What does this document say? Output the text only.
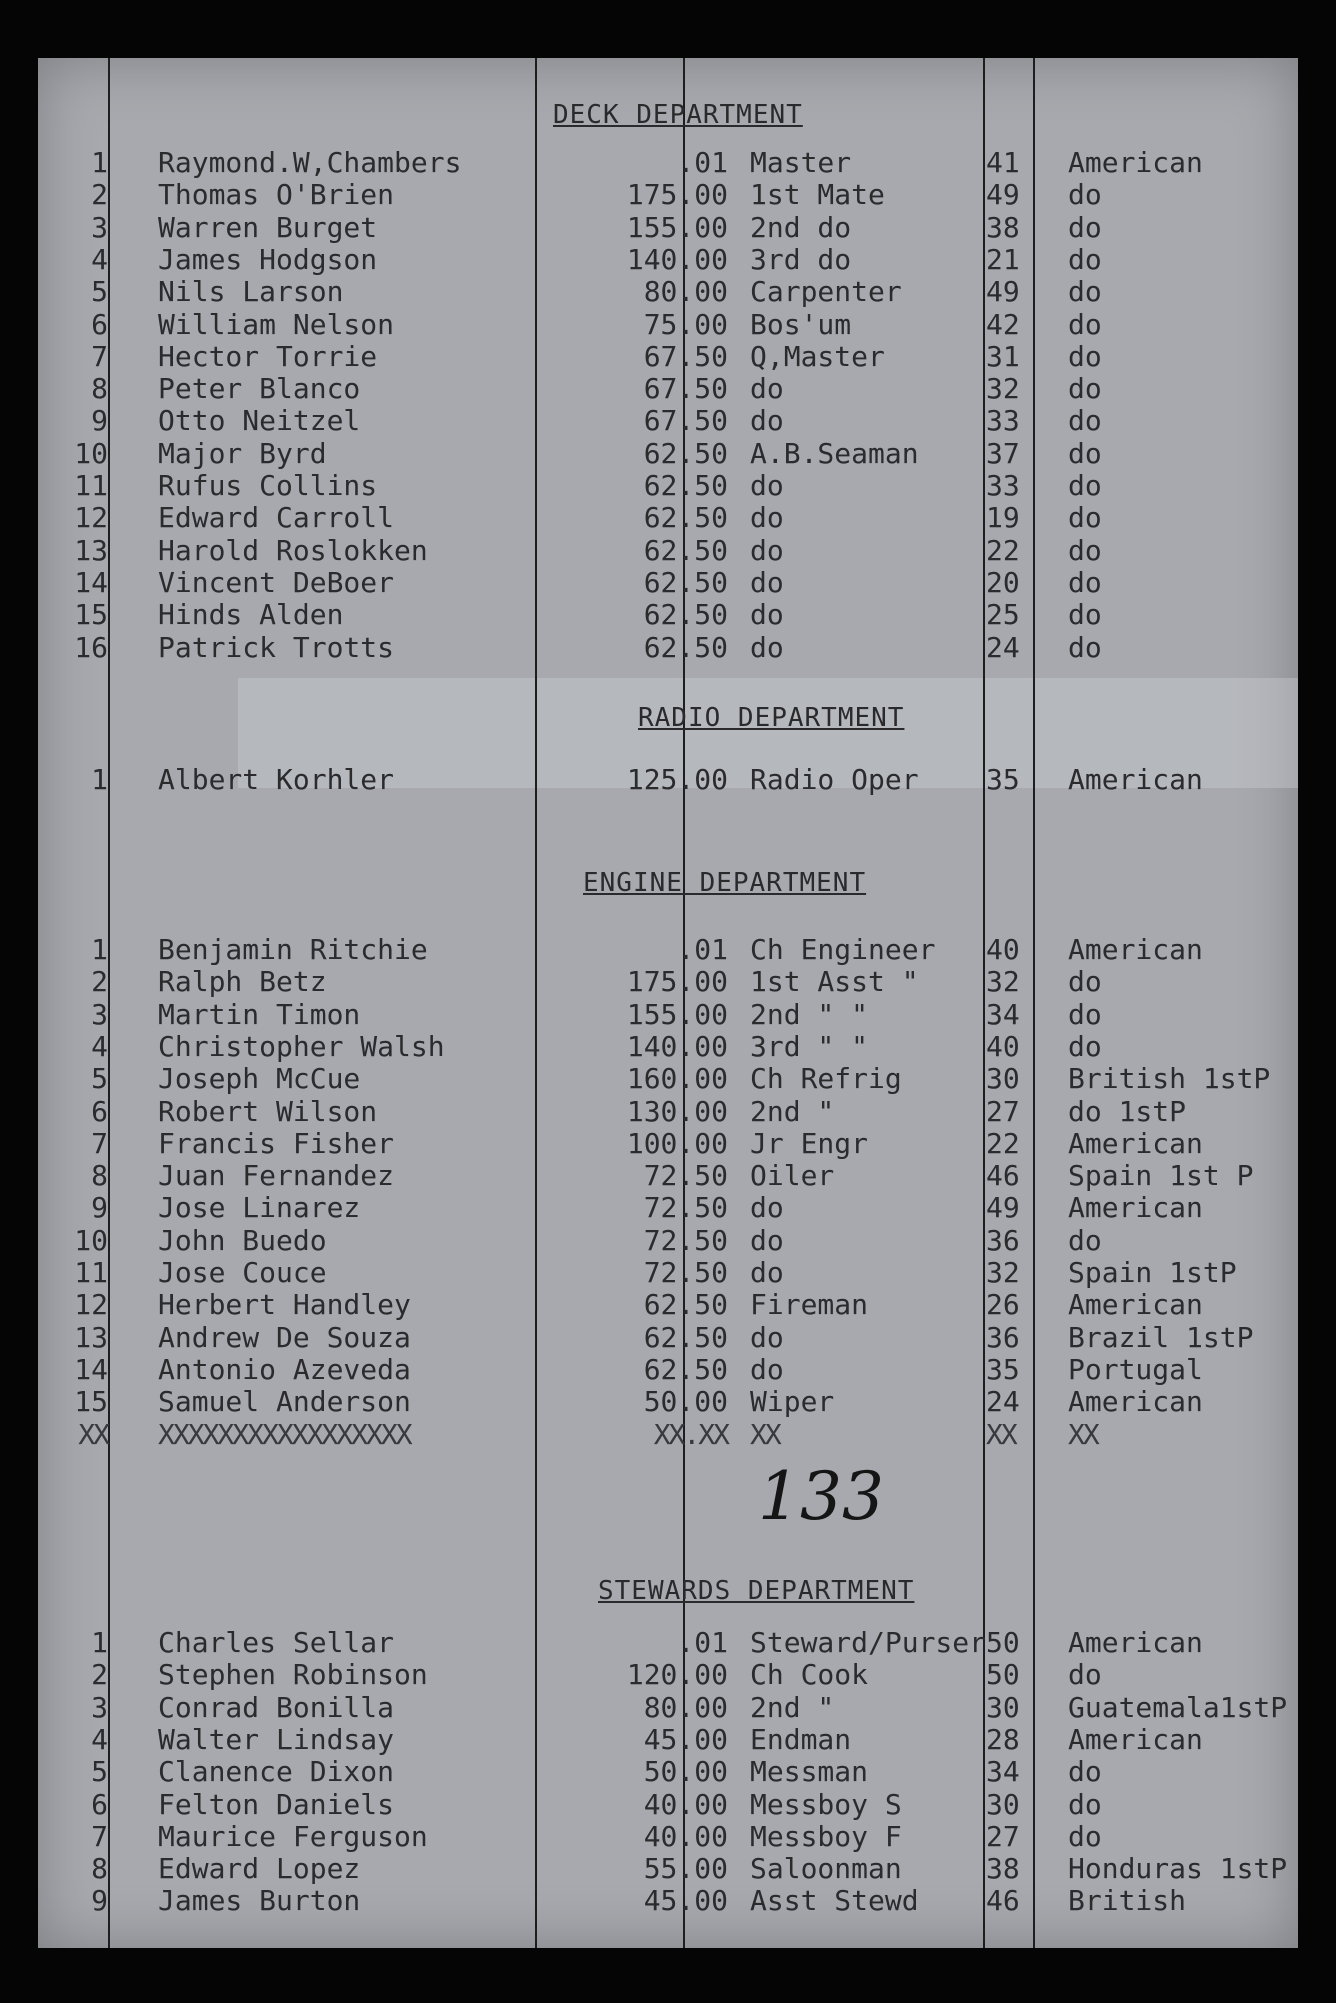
DECK DEPARTMENT
1 Raymond.W,Chambers	.01 Master	41	American
2 Thomas O'Brien	175.00 1st Mate	49	do
3 Warren Burget	155.00 2nd do	38	do
4 James Hodgson	140.00 3rd do	21	do
5 Nils Larson	80.00 Carpenter	49	do
6 William Nelson	75.00 Bos'um	42	do
7 Hector Torrie	67.50 Q,Master	31	do
8 Peter Blanco	67.50 do	32	do
9 Otto Neitzel	67.50 do	33	do
10 Major Byrd	62.50 A.B.Seaman	37	do
11 Rufus Collins	62.50 do	33	do
12 Edward Carroll	62.50 do	19	do
13 Harold Roslokken	62.50 do	22	do
14 Vincent DeBoer	62.50 do	20	do
15 Hinds Alden	62.50 do	25	do
16 Patrick Trotts	62.50 do	24	do
RADIO DEPARTMENT
1 Albert Korhler	125.00 Radio Oper	35	American
ENGINE DEPARTMENT
1 Benjamin Ritchie	.01 Ch Engineer	40	American
2 Ralph Betz	175.00 1st Asst "	32	do
3 Martin Timon	155.00 2nd " "	34	do
4 Christopher Walsh	140.00 3rd " "	40	do
5 Joseph McCue	160.00 Ch Refrig	30	British 1stP
6 Robert Wilson	130.00 2nd "	27	do 1stP
7 Francis Fisher	100.00 Jr Engr	22	American
8 Juan Fernandez	72.50 Oiler	46	Spain 1st P
9 Jose Linarez	72.50 do	49	American
10 John Buedo	72.50 do	36	do
11 Jose Couce	72.50 do	32	Spain 1stP
12 Herbert Handley	62.50 Fireman	26	American
13 Andrew De Souza	62.50 do	36	Brazil 1stP
14 Antonio Azeveda	62.50 do	35	Portugal
15 Samuel Anderson	50.00 Wiper	24	American
XX XXXXXXXXXXXXXXXXX	XX.XX XX	XX	XX
STEWARDS DEPARTMENT
1 Charles Sellar	.01 Steward/Purser 50	American
2 Stephen Robinson	120.00 Ch Cook	50	do
3 Conrad Bonilla	80.00 2nd "	30	Guatemala1stP
4 Walter Lindsay	45.00 Endman	28	American
5 Clanence Dixon	50.00 Messman	34	do
6 Felton Daniels	40.00 Messboy S	30	do
7 Maurice Ferguson	40.00 Messboy F	27	do
8 Edward Lopez	55.00 Saloonman	38	Honduras 1stP
9 James Burton	45.00 Asst Stewd	46	British
133
